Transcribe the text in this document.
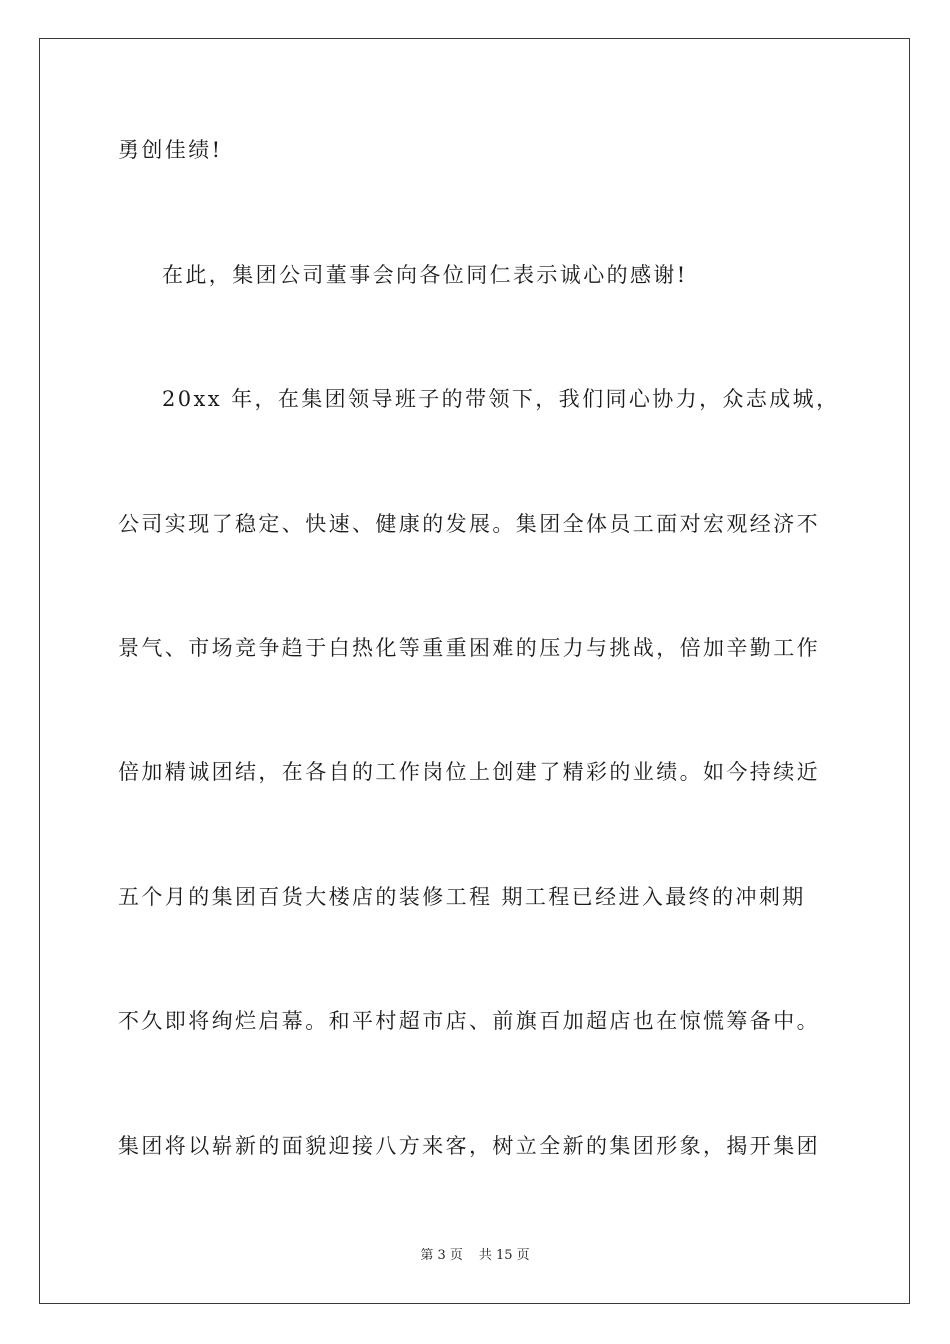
勇创佳绩!
在此，集团公司董事会向各位同仁表示诚心的感谢!
20xx 年，在集团领导班子的带领下，我们同心协力，众志成城，
公司实现了稳定、快速、健康的发展。集团全体员工面对宏观经济不
景气、市场竞争趋于白热化等重重困难的压力与挑战，倍加辛勤工作
倍加精诚团结，在各自的工作岗位上创建了精彩的业绩。如今持续近
五个月的集团百货大楼店的装修工程 期工程已经进入最终的冲刺期
不久即将绚烂启幕。和平村超市店、前旗百加超店也在惊慌筹备中。
集团将以崭新的面貌迎接八方来客，树立全新的集团形象，揭开集团
第 3 页 共 15 页
